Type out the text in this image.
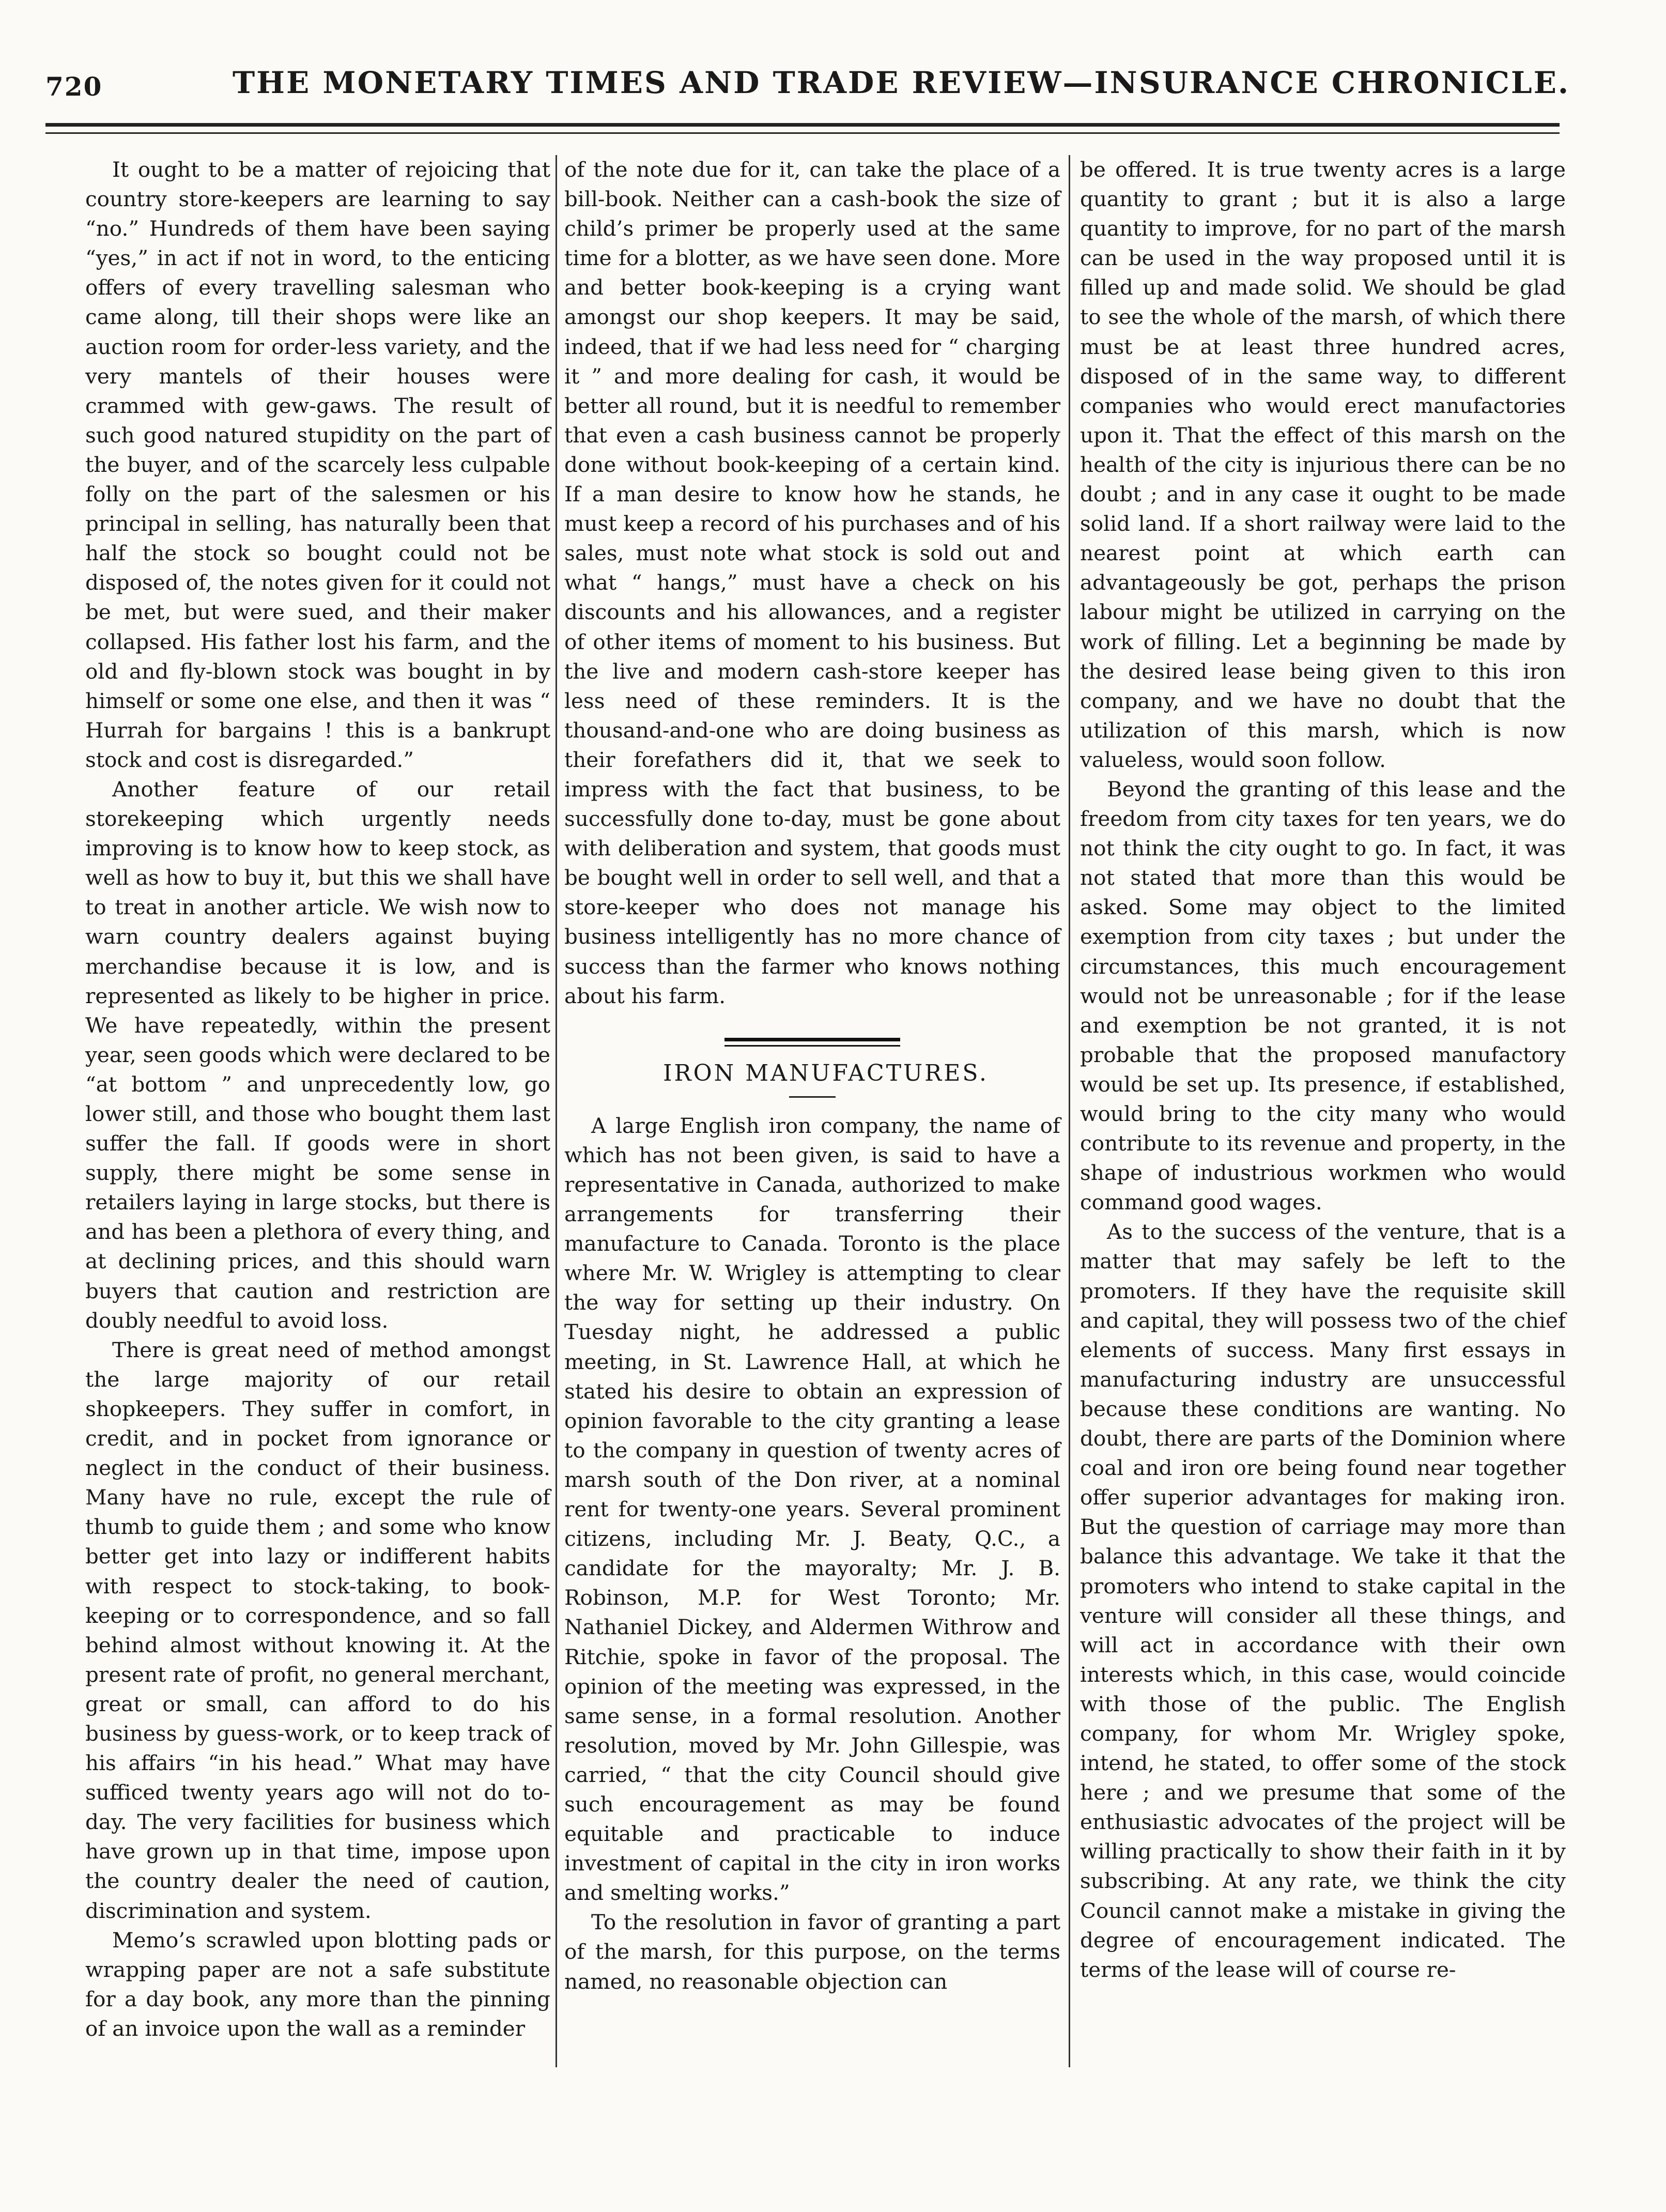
720	THE MONETARY TIMES AND TRADE REVIEW—INSURANCE CHRONICLE.

It ought to be a matter of rejoicing that country store-keepers are learning to say “no.” Hundreds of them have been saying “yes,” in act if not in word, to the enticing offers of every travelling salesman who came along, till their shops were like an auction room for order-less variety, and the very mantels of their houses were crammed with gew-gaws. The result of such good natured stupidity on the part of the buyer, and of the scarcely less culpable folly on the part of the salesmen or his principal in selling, has naturally been that half the stock so bought could not be disposed of, the notes given for it could not be met, but were sued, and their maker collapsed. His father lost his farm, and the old and fly-blown stock was bought in by himself or some one else, and then it was “ Hurrah for bargains ! this is a bankrupt stock and cost is disregarded.”

Another feature of our retail storekeeping which urgently needs improving is to know how to keep stock, as well as how to buy it, but this we shall have to treat in another article. We wish now to warn country dealers against buying merchandise because it is low, and is represented as likely to be higher in price. We have repeatedly, within the present year, seen goods which were declared to be “at bottom ” and unprecedently low, go lower still, and those who bought them last suffer the fall. If goods were in short supply, there might be some sense in retailers laying in large stocks, but there is and has been a plethora of every thing, and at declining prices, and this should warn buyers that caution and restriction are doubly needful to avoid loss.

There is great need of method amongst the large majority of our retail shopkeepers. They suffer in comfort, in credit, and in pocket from ignorance or neglect in the conduct of their business. Many have no rule, except the rule of thumb to guide them ; and some who know better get into lazy or indifferent habits with respect to stock-taking, to book-keeping or to correspondence, and so fall behind almost without knowing it. At the present rate of profit, no general merchant, great or small, can afford to do his business by guess-work, or to keep track of his affairs “in his head.” What may have sufficed twenty years ago will not do to-day. The very facilities for business which have grown up in that time, impose upon the country dealer the need of caution, discrimination and system.

Memo’s scrawled upon blotting pads or wrapping paper are not a safe substitute for a day book, any more than the pinning of an invoice upon the wall as a reminder

of the note due for it, can take the place of a bill-book. Neither can a cash-book the size of child’s primer be properly used at the same time for a blotter, as we have seen done. More and better book-keeping is a crying want amongst our shop keepers. It may be said, indeed, that if we had less need for “ charging it ” and more dealing for cash, it would be better all round, but it is needful to remember that even a cash business cannot be properly done without book-keeping of a certain kind. If a man desire to know how he stands, he must keep a record of his purchases and of his sales, must note what stock is sold out and what “ hangs,” must have a check on his discounts and his allowances, and a register of other items of moment to his business. But the live and modern cash-store keeper has less need of these reminders. It is the thousand-and-one who are doing business as their forefathers did it, that we seek to impress with the fact that business, to be successfully done to-day, must be gone about with deliberation and system, that goods must be bought well in order to sell well, and that a store-keeper who does not manage his business intelligently has no more chance of success than the farmer who knows nothing about his farm.

IRON MANUFACTURES.

A large English iron company, the name of which has not been given, is said to have a representative in Canada, authorized to make arrangements for transferring their manufacture to Canada. Toronto is the place where Mr. W. Wrigley is attempting to clear the way for setting up their industry. On Tuesday night, he addressed a public meeting, in St. Lawrence Hall, at which he stated his desire to obtain an expression of opinion favorable to the city granting a lease to the company in question of twenty acres of marsh south of the Don river, at a nominal rent for twenty-one years. Several prominent citizens, including Mr. J. Beaty, Q.C., a candidate for the mayoralty; Mr. J. B. Robinson, M.P. for West Toronto; Mr. Nathaniel Dickey, and Aldermen Withrow and Ritchie, spoke in favor of the proposal. The opinion of the meeting was expressed, in the same sense, in a formal resolution. Another resolution, moved by Mr. John Gillespie, was carried, “ that the city Council should give such encouragement as may be found equitable and practicable to induce investment of capital in the city in iron works and smelting works.”

To the resolution in favor of granting a part of the marsh, for this purpose, on the terms named, no reasonable objection can

be offered. It is true twenty acres is a large quantity to grant ; but it is also a large quantity to improve, for no part of the marsh can be used in the way proposed until it is filled up and made solid. We should be glad to see the whole of the marsh, of which there must be at least three hundred acres, disposed of in the same way, to different companies who would erect manufactories upon it. That the effect of this marsh on the health of the city is injurious there can be no doubt ; and in any case it ought to be made solid land. If a short railway were laid to the nearest point at which earth can advantageously be got, perhaps the prison labour might be utilized in carrying on the work of filling. Let a beginning be made by the desired lease being given to this iron company, and we have no doubt that the utilization of this marsh, which is now valueless, would soon follow.

Beyond the granting of this lease and the freedom from city taxes for ten years, we do not think the city ought to go. In fact, it was not stated that more than this would be asked. Some may object to the limited exemption from city taxes ; but under the circumstances, this much encouragement would not be unreasonable ; for if the lease and exemption be not granted, it is not probable that the proposed manufactory would be set up. Its presence, if established, would bring to the city many who would contribute to its revenue and property, in the shape of industrious workmen who would command good wages.

As to the success of the venture, that is a matter that may safely be left to the promoters. If they have the requisite skill and capital, they will possess two of the chief elements of success. Many first essays in manufacturing industry are unsuccessful because these conditions are wanting. No doubt, there are parts of the Dominion where coal and iron ore being found near together offer superior advantages for making iron. But the question of carriage may more than balance this advantage. We take it that the promoters who intend to stake capital in the venture will consider all these things, and will act in accordance with their own interests which, in this case, would coincide with those of the public. The English company, for whom Mr. Wrigley spoke, intend, he stated, to offer some of the stock here ; and we presume that some of the enthusiastic advocates of the project will be willing practically to show their faith in it by subscribing. At any rate, we think the city Council cannot make a mistake in giving the degree of encouragement indicated. The terms of the lease will of course re-
